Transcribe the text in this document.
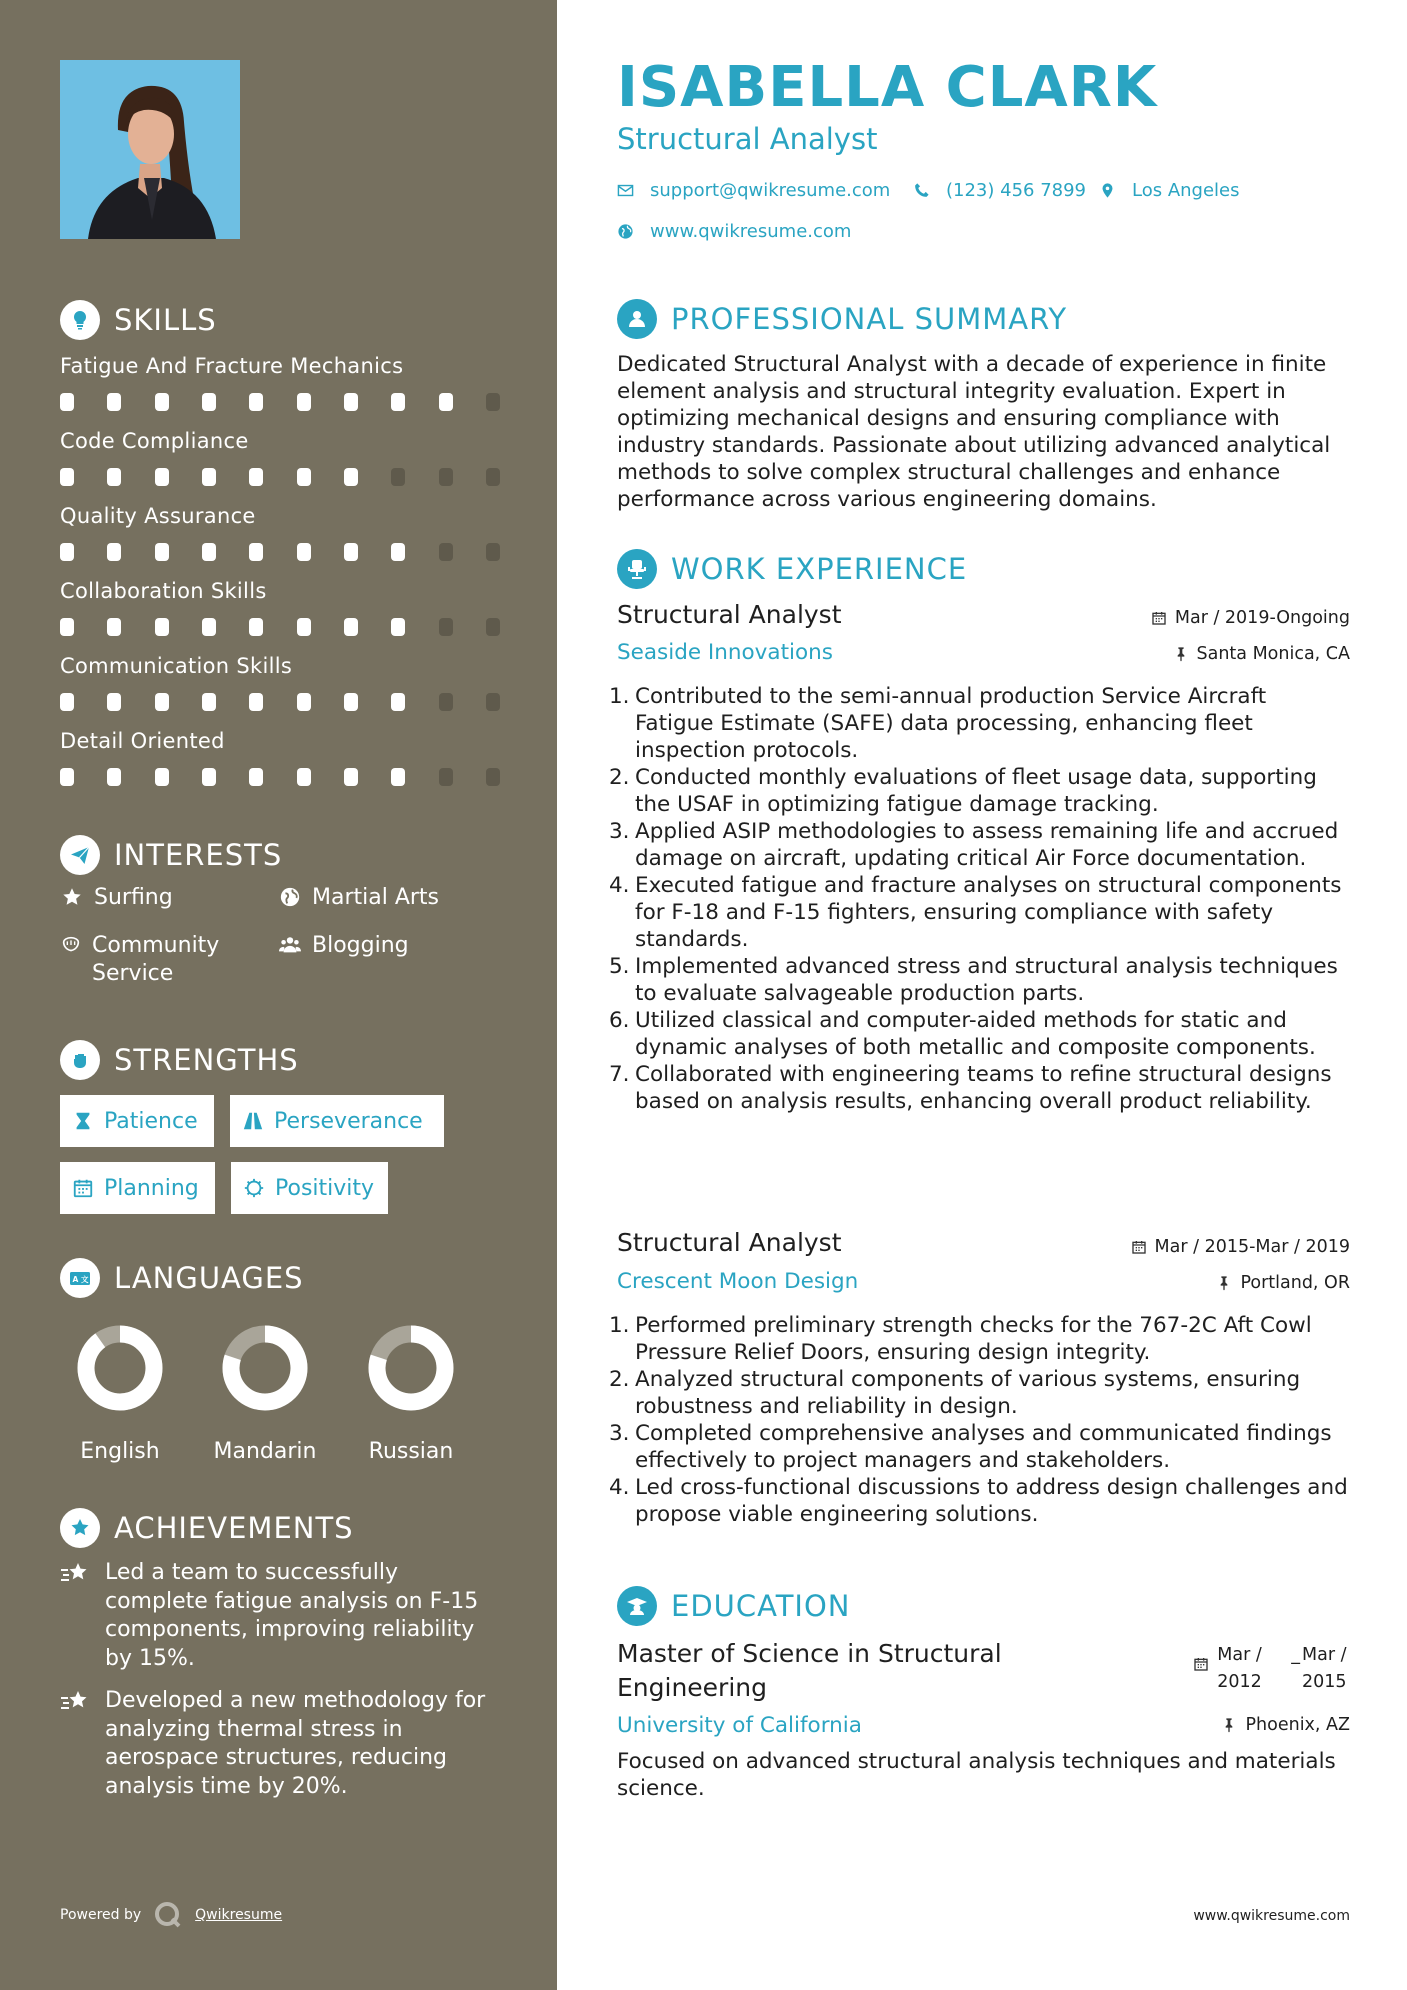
SKILLS
Fatigue And Fracture Mechanics
Code Compliance
Quality Assurance
Collaboration Skills
Communication Skills
Detail Oriented
INTERESTS
Surfing	Martial Arts
Community Service
Blogging
STRENGTHS
Patience	Perseverance
Planning	Positivity
A 文 LANGUAGES
English	Mandarin	Russian
ACHIEVEMENTS
Led a team to successfully complete fatigue analysis on F-15 components, improving reliability by 15%.
Developed a new methodology for analyzing thermal stress in aerospace structures, reducing analysis time by 20%.
Powered by	Qwikresume
ISABELLA CLARK
Structural Analyst
support@qwikresume.com	(123) 456 7899	Los Angeles
www.qwikresume.com
PROFESSIONAL SUMMARY
Dedicated Structural Analyst with a decade of experience in finite element analysis and structural integrity evaluation. Expert in optimizing mechanical designs and ensuring compliance with industry standards. Passionate about utilizing advanced analytical methods to solve complex structural challenges and enhance performance across various engineering domains.
WORK EXPERIENCE
Structural Analyst	Mar / 2019-Ongoing
Seaside Innovations	Santa Monica, CA
1. Contributed to the semi-annual production Service Aircraft Fatigue Estimate (SAFE) data processing, enhancing fleet inspection protocols.
2. Conducted monthly evaluations of fleet usage data, supporting the USAF in optimizing fatigue damage tracking.
3. Applied ASIP methodologies to assess remaining life and accrued damage on aircraft, updating critical Air Force documentation.
4. Executed fatigue and fracture analyses on structural components for F-18 and F-15 fighters, ensuring compliance with safety standards.
5. Implemented advanced stress and structural analysis techniques to evaluate salvageable production parts.
6. Utilized classical and computer-aided methods for static and dynamic analyses of both metallic and composite components.
7. Collaborated with engineering teams to refine structural designs based on analysis results, enhancing overall product reliability.
Structural Analyst	Mar / 2015-Mar / 2019
Crescent Moon Design	Portland, OR
1. Performed preliminary strength checks for the 767-2C Aft Cowl Pressure Relief Doors, ensuring design integrity.
2. Analyzed structural components of various systems, ensuring robustness and reliability in design.
3. Completed comprehensive analyses and communicated findings effectively to project managers and stakeholders.
4. Led cross-functional discussions to address design challenges and propose viable engineering solutions.
EDUCATION
Master of Science in Structural Engineering
Mar / 2012
_ Mar / 2015
University of California	Phoenix, AZ
Focused on advanced structural analysis techniques and materials science.
www.qwikresume.com
